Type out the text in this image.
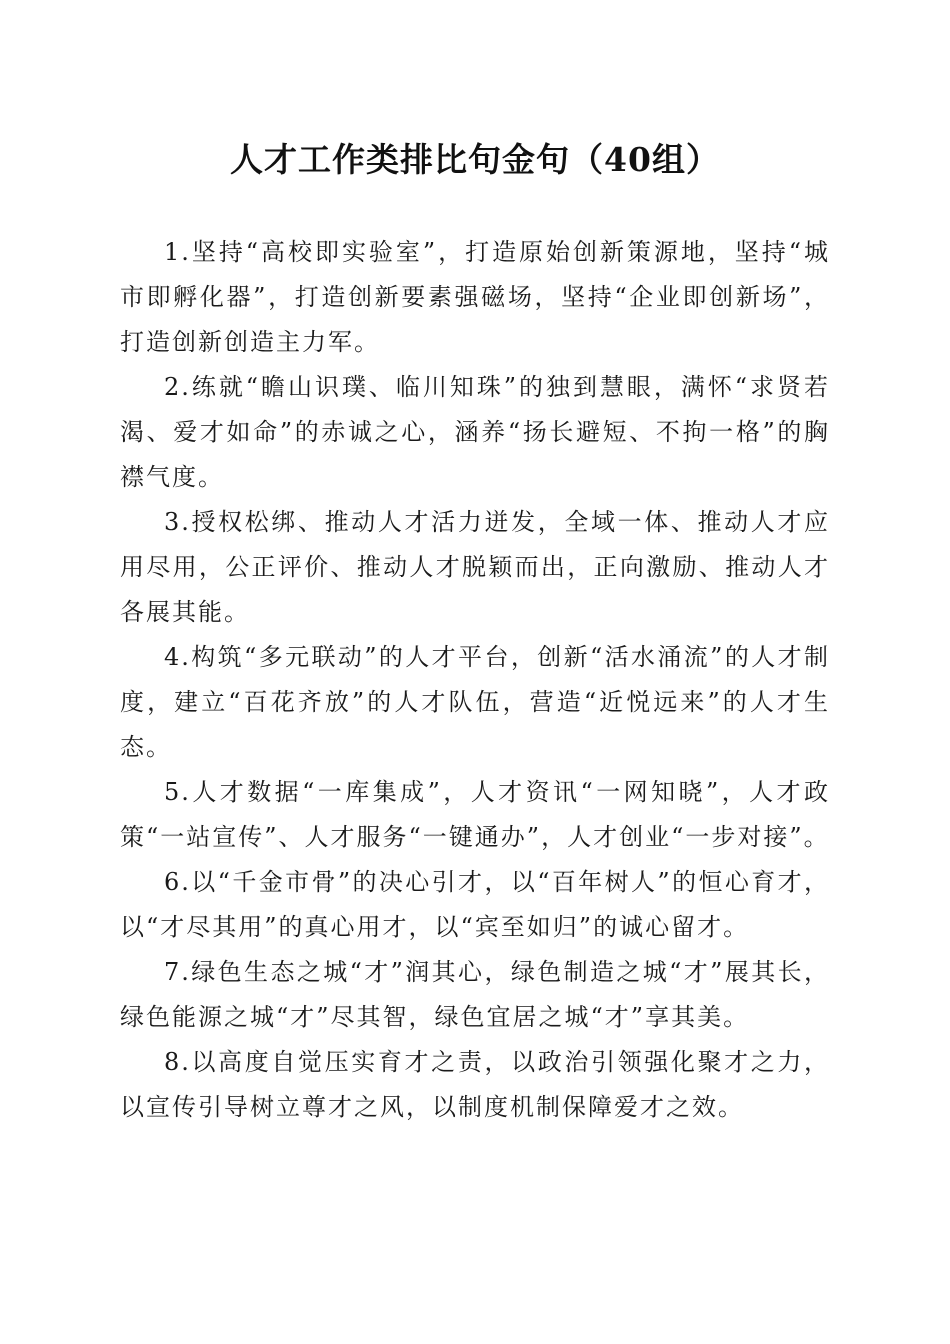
人才工作类排比句金句（40组）

1.坚持“高校即实验室”，打造原始创新策源地，坚持“城市即孵化器”，打造创新要素强磁场，坚持“企业即创新场”，打造创新创造主力军。

2.练就“瞻山识璞、临川知珠”的独到慧眼，满怀“求贤若渴、爱才如命”的赤诚之心，涵养“扬长避短、不拘一格”的胸襟气度。

3.授权松绑、推动人才活力迸发，全域一体、推动人才应用尽用，公正评价、推动人才脱颖而出，正向激励、推动人才各展其能。

4.构筑“多元联动”的人才平台，创新“活水涌流”的人才制度，建立“百花齐放”的人才队伍，营造“近悦远来”的人才生态。

5.人才数据“一库集成”，人才资讯“一网知晓”，人才政策“一站宣传”、人才服务“一键通办”，人才创业“一步对接”。

6.以“千金市骨”的决心引才，以“百年树人”的恒心育才，以“才尽其用”的真心用才，以“宾至如归”的诚心留才。

7.绿色生态之城“才”润其心，绿色制造之城“才”展其长，绿色能源之城“才”尽其智，绿色宜居之城“才”享其美。

8.以高度自觉压实育才之责，以政治引领强化聚才之力，以宣传引导树立尊才之风，以制度机制保障爱才之效。
